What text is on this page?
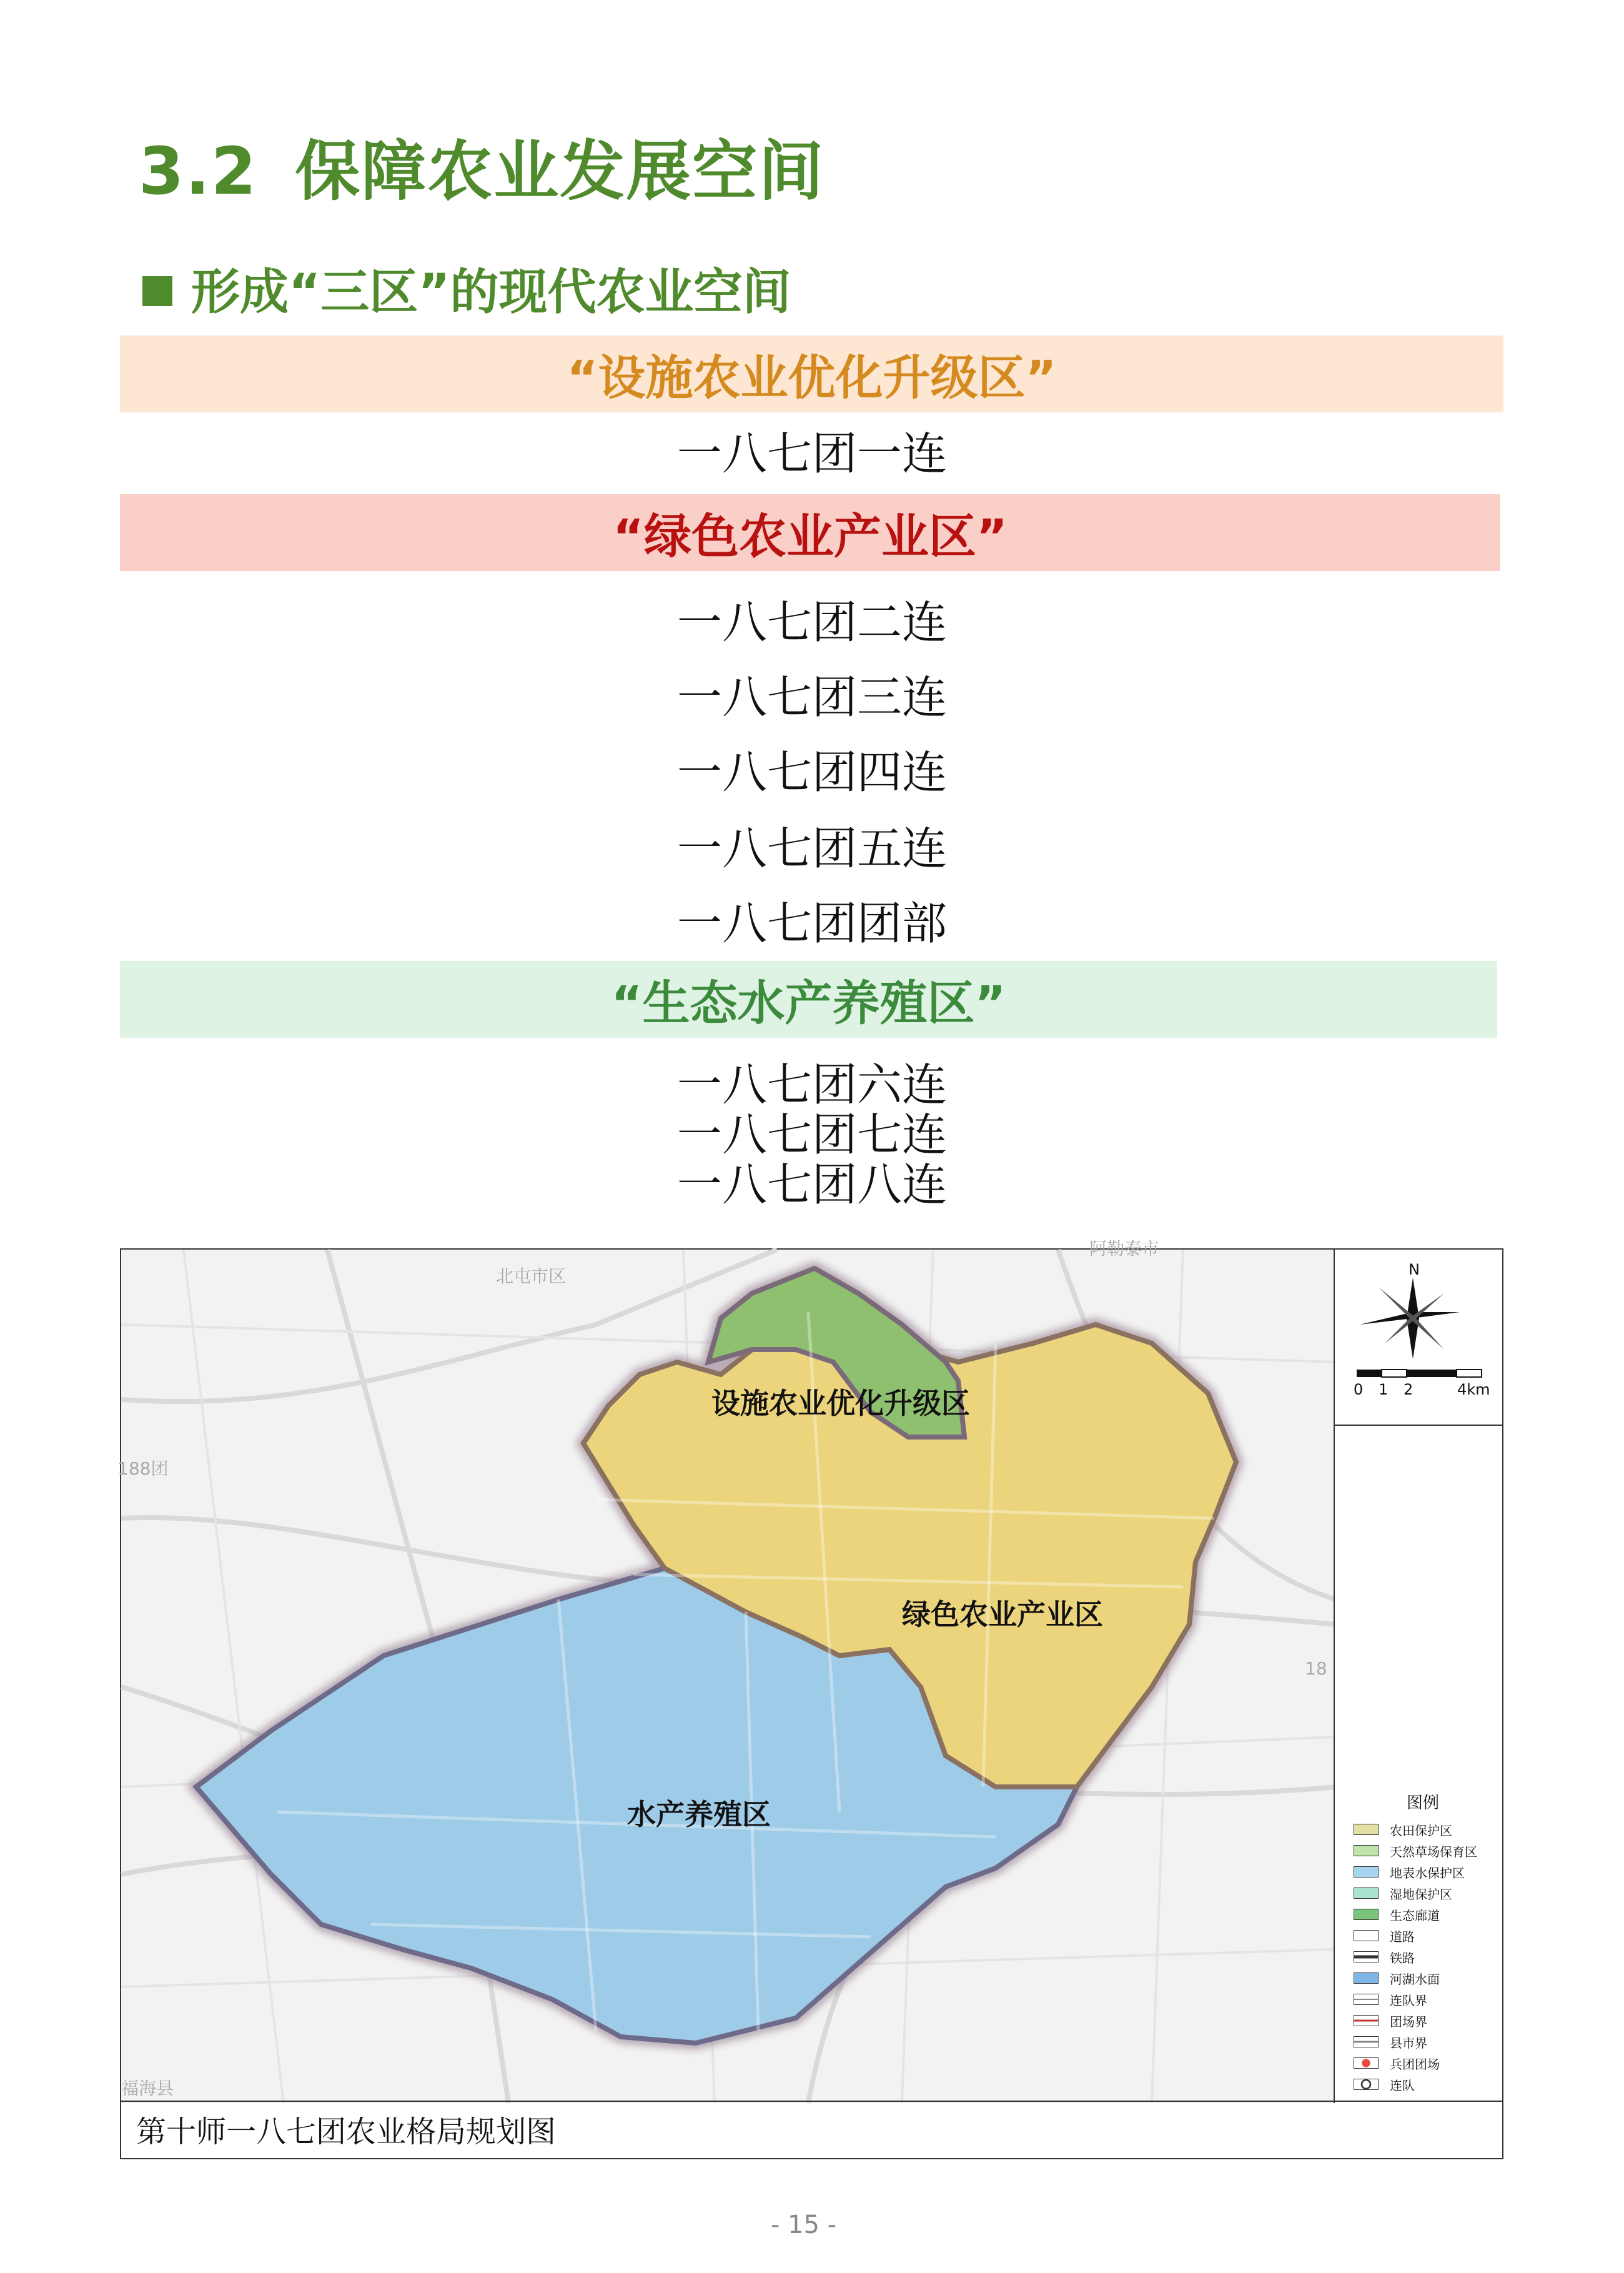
3.2 保障农业发展空间
形成“三区”的现代农业空间
“设施农业优化升级区”
一八七团一连
“绿色农业产业区”
一八七团二连
一八七团三连
一八七团四连
一八七团五连
一八七团团部
“生态水产养殖区”
一八七团六连
一八七团七连
一八七团八连
北屯市区
阿勒泰市
188团
福海县
18
设施农业优化升级区
绿色农业产业区
水产养殖区
N
0 1 2	4km
图例
农田保护区
天然草场保育区
地表水保护区
湿地保护区
生态廊道
道路
铁路
河湖水面
连队界
团场界
县市界
兵团团场
连队
第十师一八七团农业格局规划图
- 15 -
